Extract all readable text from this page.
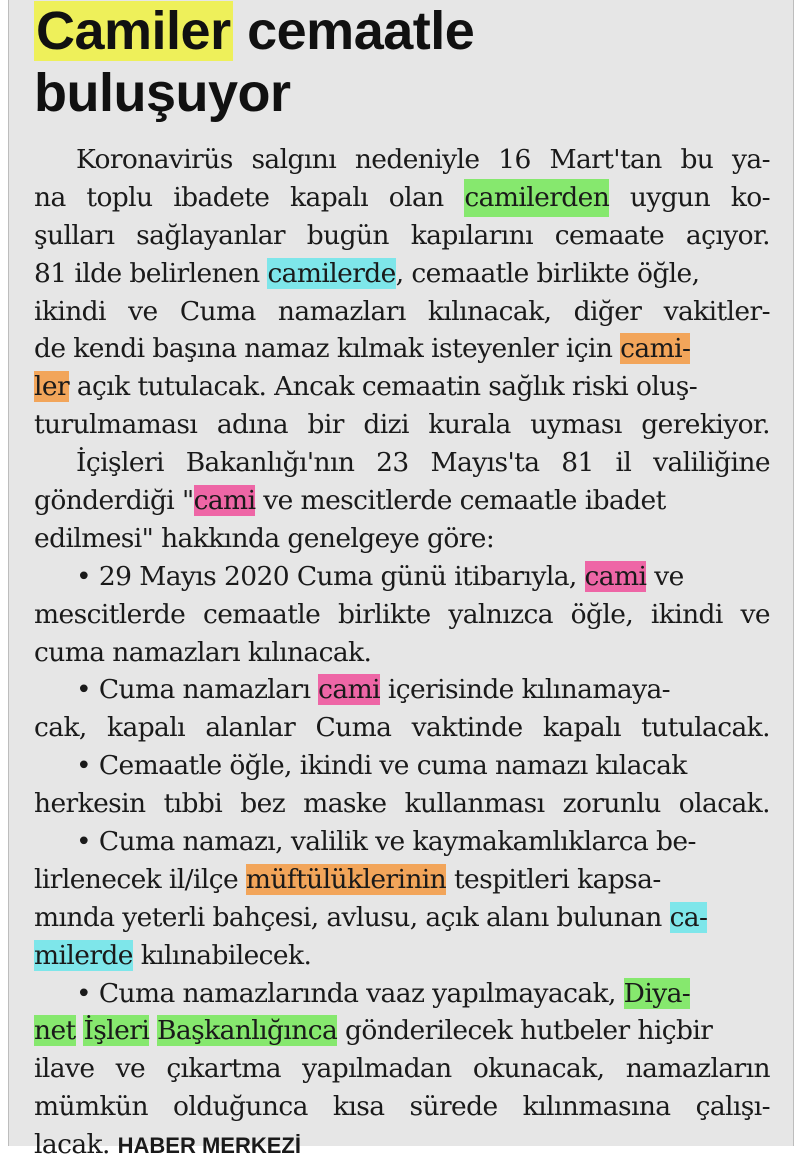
Camiler cemaatle
buluşuyor
Koronavirüs salgını nedeniyle 16 Mart'tan bu ya-
na toplu ibadete kapalı olan camilerden uygun ko-
şulları sağlayanlar bugün kapılarını cemaate açıyor.
81 ilde belirlenen camilerde, cemaatle birlikte öğle,
ikindi ve Cuma namazları kılınacak, diğer vakitler-
de kendi başına namaz kılmak isteyenler için cami-
ler açık tutulacak. Ancak cemaatin sağlık riski oluş-
turulmaması adına bir dizi kurala uyması gerekiyor.
İçişleri Bakanlığı'nın 23 Mayıs'ta 81 il valiliğine
gönderdiği "cami ve mescitlerde cemaatle ibadet
edilmesi" hakkında genelgeye göre:
• 29 Mayıs 2020 Cuma günü itibarıyla, cami ve
mescitlerde cemaatle birlikte yalnızca öğle, ikindi ve
cuma namazları kılınacak.
• Cuma namazları cami içerisinde kılınamaya-
cak, kapalı alanlar Cuma vaktinde kapalı tutulacak.
• Cemaatle öğle, ikindi ve cuma namazı kılacak
herkesin tıbbi bez maske kullanması zorunlu olacak.
• Cuma namazı, valilik ve kaymakamlıklarca be-
lirlenecek il/ilçe müftülüklerinin tespitleri kapsa-
mında yeterli bahçesi, avlusu, açık alanı bulunan ca-
milerde kılınabilecek.
• Cuma namazlarında vaaz yapılmayacak, Diya-
net İşleri Başkanlığınca gönderilecek hutbeler hiçbir
ilave ve çıkartma yapılmadan okunacak, namazların
mümkün olduğunca kısa sürede kılınmasına çalışı-
lacak. HABER MERKEZİ
